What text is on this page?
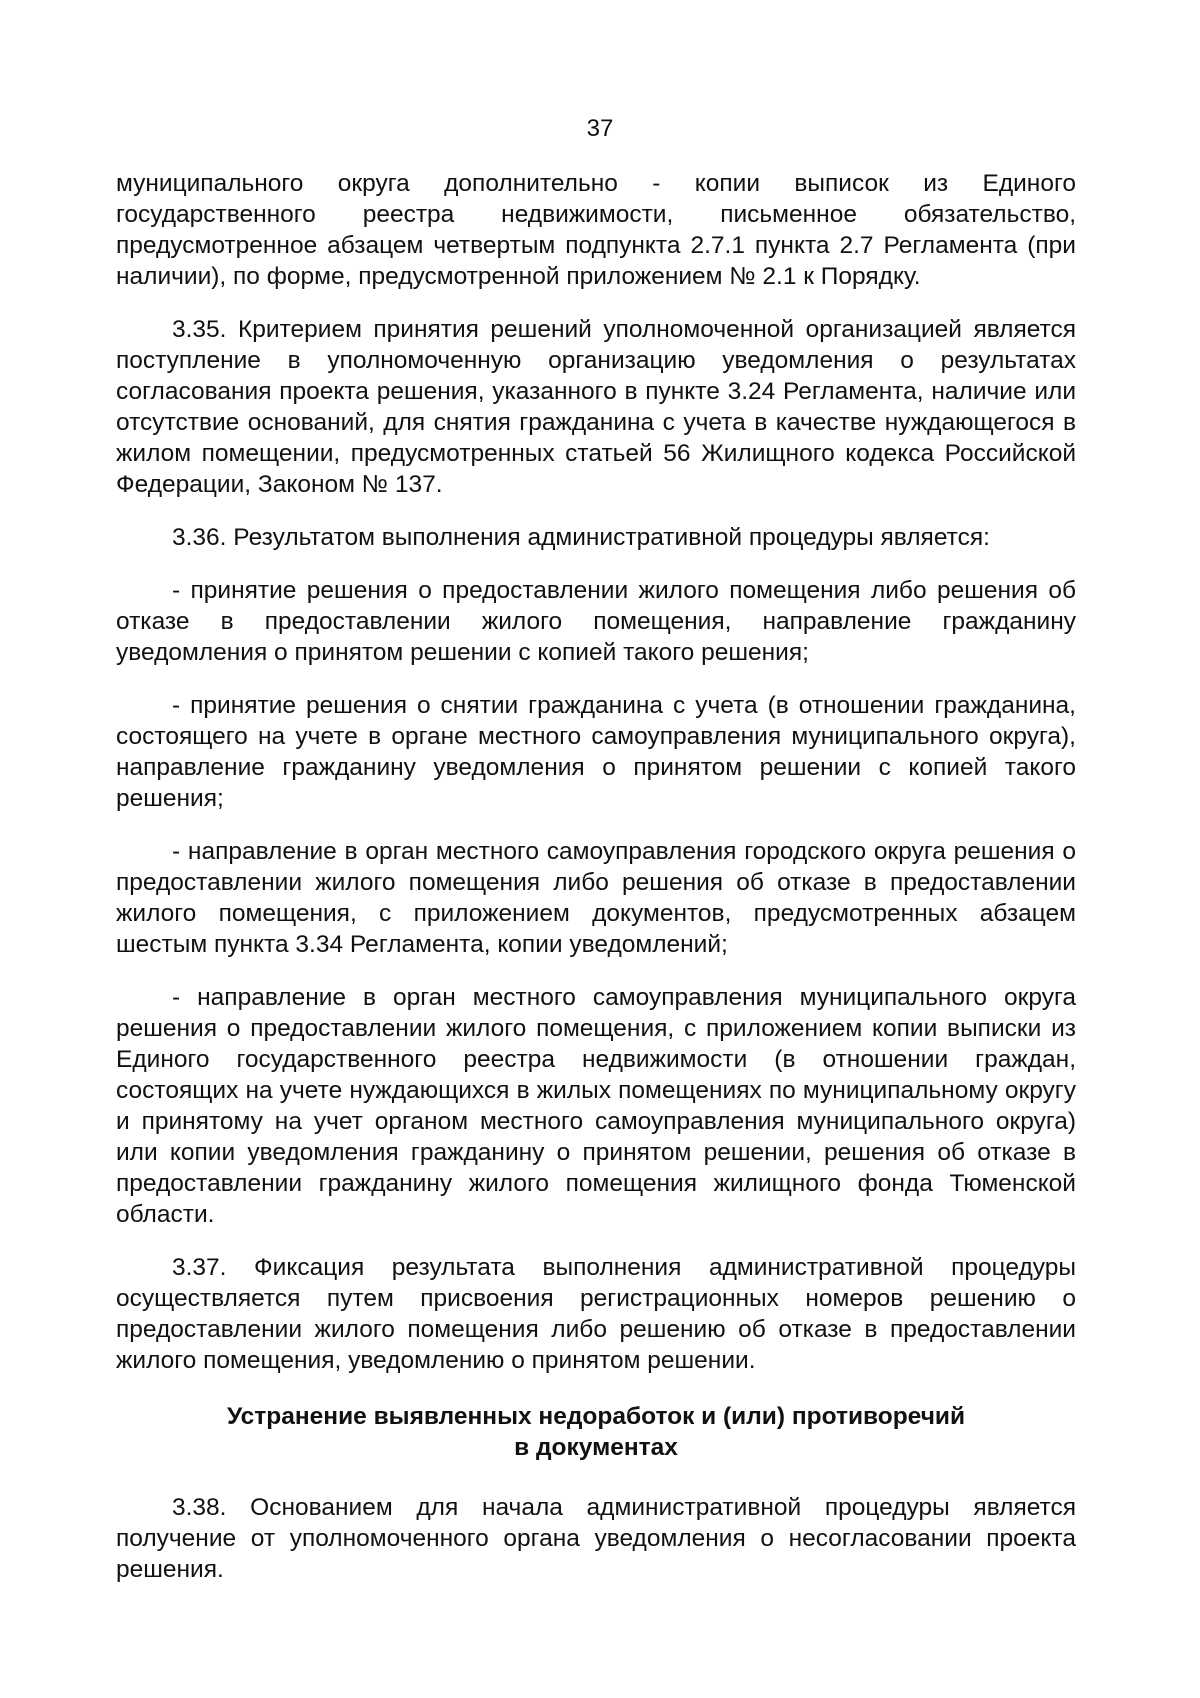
37

муниципального округа дополнительно - копии выписок из Единого государственного реестра недвижимости, письменное обязательство, предусмотренное абзацем четвертым подпункта 2.7.1 пункта 2.7 Регламента (при наличии), по форме, предусмотренной приложением № 2.1 к Порядку.

3.35. Критерием принятия решений уполномоченной организацией является поступление в уполномоченную организацию уведомления о результатах согласования проекта решения, указанного в пункте 3.24 Регламента, наличие или отсутствие оснований, для снятия гражданина с учета в качестве нуждающегося в жилом помещении, предусмотренных статьей 56 Жилищного кодекса Российской Федерации, Законом № 137.

3.36. Результатом выполнения административной процедуры является:

- принятие решения о предоставлении жилого помещения либо решения об отказе в предоставлении жилого помещения, направление гражданину уведомления о принятом решении с копией такого решения;

- принятие решения о снятии гражданина с учета (в отношении гражданина, состоящего на учете в органе местного самоуправления муниципального округа), направление гражданину уведомления о принятом решении с копией такого решения;

- направление в орган местного самоуправления городского округа решения о предоставлении жилого помещения либо решения об отказе в предоставлении жилого помещения, с приложением документов, предусмотренных абзацем шестым пункта 3.34 Регламента, копии уведомлений;

- направление в орган местного самоуправления муниципального округа решения о предоставлении жилого помещения, с приложением копии выписки из Единого государственного реестра недвижимости (в отношении граждан, состоящих на учете нуждающихся в жилых помещениях по муниципальному округу и принятому на учет органом местного самоуправления муниципального округа) или копии уведомления гражданину о принятом решении, решения об отказе в предоставлении гражданину жилого помещения жилищного фонда Тюменской области.

3.37. Фиксация результата выполнения административной процедуры осуществляется путем присвоения регистрационных номеров решению о предоставлении жилого помещения либо решению об отказе в предоставлении жилого помещения, уведомлению о принятом решении.

Устранение выявленных недоработок и (или) противоречий
в документах

3.38. Основанием для начала административной процедуры является получение от уполномоченного органа уведомления о несогласовании проекта решения.
